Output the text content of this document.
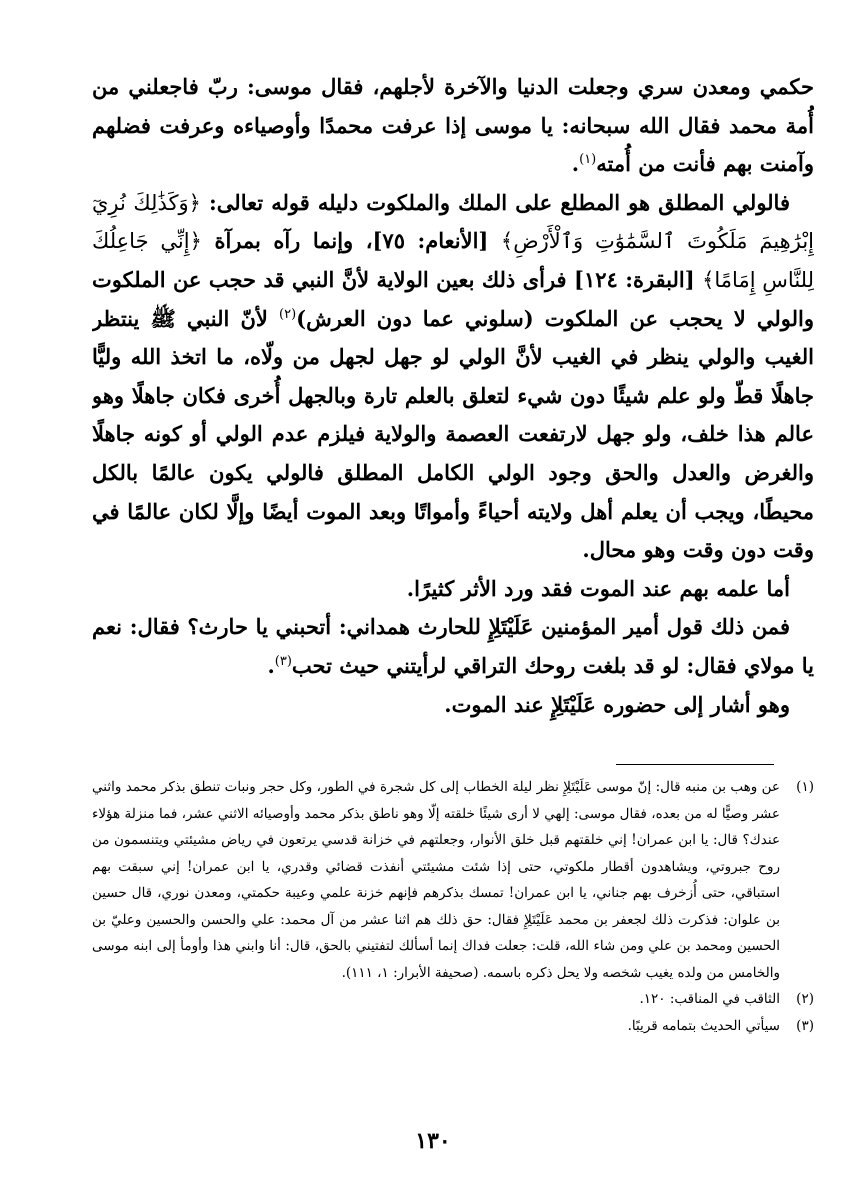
حكمي ومعدن سري وجعلت الدنيا والآخرة لأجلهم، فقال موسى: ربّ فاجعلني من أُمة محمد فقال الله سبحانه: يا موسى إذا عرفت محمدًا وأوصياءه وعرفت فضلهم وآمنت بهم فأنت من أُمته$^{(١)}$.

فالولي المطلق هو المطلع على الملك والملكوت دليله قوله تعالى: ﴿وَكَذَٰلِكَ نُرِيٓ إِبْرَٰهِيمَ مَلَكُوتَ ٱلسَّمَٰوَٰتِ وَٱلْأَرْضِ﴾ [الأنعام: ٧٥]، وإنما رآه بمرآة ﴿إِنِّي جَاعِلُكَ لِلنَّاسِ إِمَامًا﴾ [البقرة: ١٢٤] فرأى ذلك بعين الولاية لأنَّ النبي قد حجب عن الملكوت والولي لا يحجب عن الملكوت (سلوني عما دون العرش)$^{(٢)}$ لأنّ النبي ﷺ ينتظر الغيب والولي ينظر في الغيب لأنَّ الولي لو جهل لجهل من ولّاه، ما اتخذ الله وليًّا جاهلًا قطّ ولو علم شيئًا دون شيء لتعلق بالعلم تارة وبالجهل أُخرى فكان جاهلًا وهو عالم هذا خلف، ولو جهل لارتفعت العصمة والولاية فيلزم عدم الولي أو كونه جاهلًا والغرض والعدل والحق وجود الولي الكامل المطلق فالولي يكون عالمًا بالكل محيطًا، ويجب أن يعلم أهل ولايته أحياءً وأمواتًا وبعد الموت أيضًا وإلَّا لكان عالمًا في وقت دون وقت وهو محال.

أما علمه بهم عند الموت فقد ورد الأثر كثيرًا.

فمن ذلك قول أمير المؤمنين عَلَيْتَلِإِ للحارث همداني: أتحبني يا حارث؟ فقال: نعم يا مولاي فقال: لو قد بلغت روحك التراقي لرأيتني حيث تحب$^{(٣)}$.

وهو أشار إلى حضوره عَلَيْتَلِإِ عند الموت.

(١)
عن وهب بن منبه قال: إنّ موسى عَلَيْتَلِإِ نظر ليلة الخطاب إلى كل شجرة في الطور، وكل حجر ونبات تنطق بذكر محمد واثني عشر وصيًّا له من بعده، فقال موسى: إلهي لا أرى شيئًا خلقته إلّا وهو ناطق بذكر محمد وأوصيائه الاثني عشر، فما منزلة هؤلاء عندك؟ قال: يا ابن عمران! إني خلقتهم قبل خلق الأنوار، وجعلتهم في خزانة قدسي يرتعون في رياض مشيئتي ويتنسمون من روح جبروتي، ويشاهدون أقطار ملكوتي، حتى إذا شئت مشيئتي أنفذت قضائي وقدري، يا ابن عمران! إني سبقت بهم استباقي، حتى أُزخرف بهم جناني، يا ابن عمران! تمسك بذكرهم فإنهم خزنة علمي وعيبة حكمتي، ومعدن نوري، قال حسين بن علوان: فذكرت ذلك لجعفر بن محمد عَلَيْتَلِإِ فقال: حق ذلك هم اثنا عشر من آل محمد: علي والحسن والحسين وعليّ بن الحسين ومحمد بن علي ومن شاء الله، قلت: جعلت فداك إنما أسألك لتفتيني بالحق، قال: أنا وابني هذا وأومأ إلى ابنه موسى والخامس من ولده يغيب شخصه ولا يحل ذكره باسمه. (صحيفة الأبرار: ١، ١١١).
(٢)
الثاقب في المناقب: ١٢٠.
(٣)
سيأتي الحديث بتمامه قريبًا.
١٣٠
